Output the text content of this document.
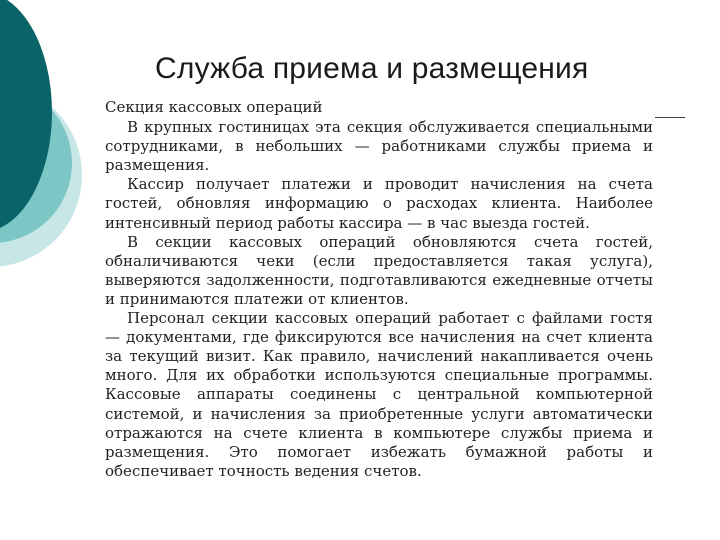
Служба приема и размещения
Секция кассовых операций

В крупных гостиницах эта секция обслуживается специальными сотрудниками, в небольших — работниками службы приема и размещения.

Кассир получает платежи и проводит начисления на счета гостей, обновляя информацию о расходах клиента. Наиболее интенсивный период работы кассира — в час выезда гостей.

В секции кассовых операций обновляются счета гостей, обналичиваются чеки (если предоставляется такая услуга), выверяются задолженности, подготавливаются ежедневные отчеты и принимаются платежи от клиентов.

Персонал секции кассовых операций работает с файлами гостя — документами, где фиксируются все начисления на счет клиента за текущий визит. Как правило, начислений накапливается очень много. Для их обработки используются специальные программы. Кассовые аппараты соединены с центральной компьютерной системой, и начисления за приобретенные услуги автоматически отражаются на счете клиента в компьютере службы приема и размещения. Это помогает избежать бумажной работы и обеспечивает точность ведения счетов.
